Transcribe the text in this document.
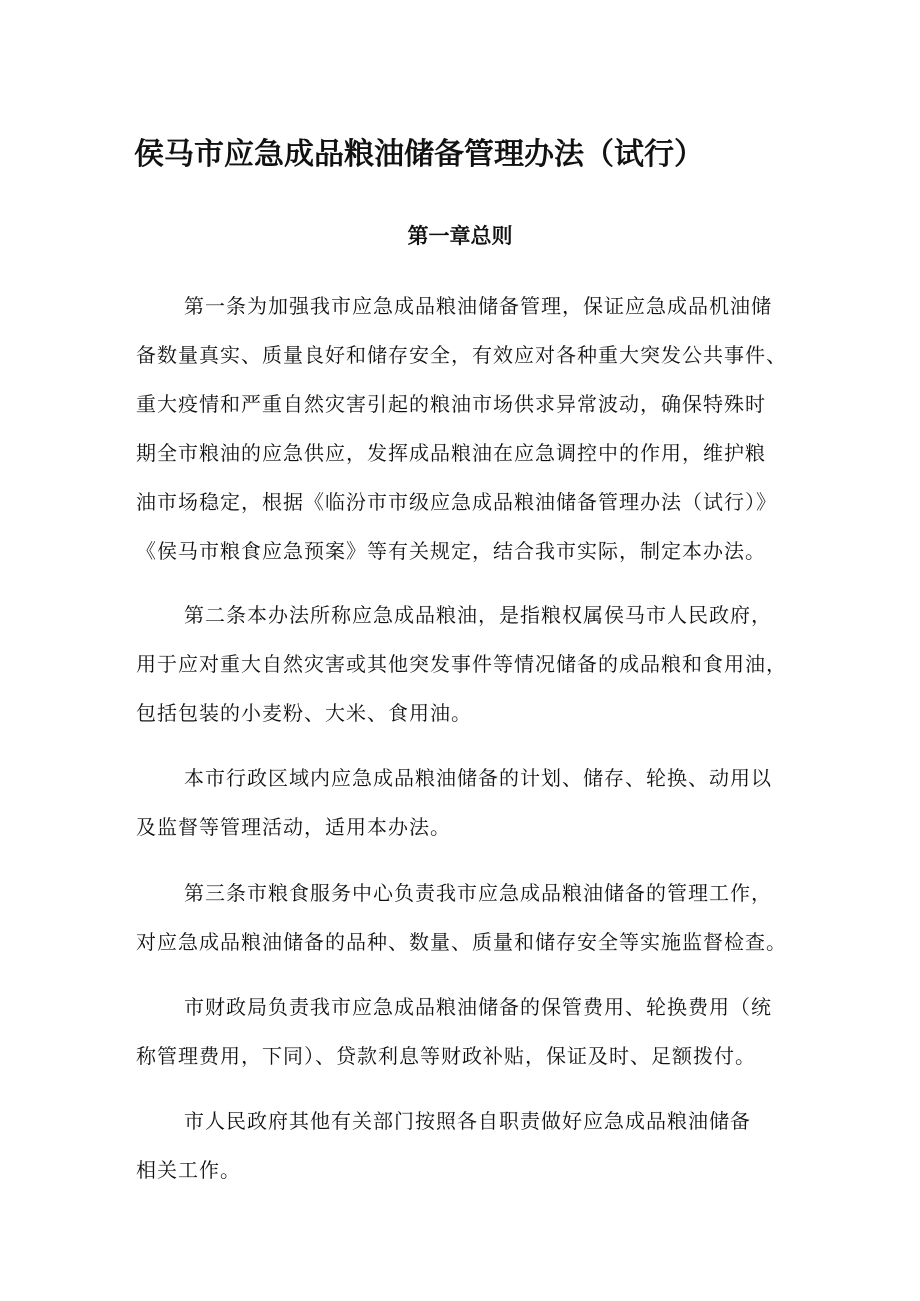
侯马市应急成品粮油储备管理办法（试行）
第一章总则
第一条为加强我市应急成品粮油储备管理，保证应急成品机油储
备数量真实、质量良好和储存安全，有效应对各种重大突发公共事件、
重大疫情和严重自然灾害引起的粮油市场供求异常波动，确保特殊时
期全市粮油的应急供应，发挥成品粮油在应急调控中的作用，维护粮
油市场稳定，根据《临汾市市级应急成品粮油储备管理办法（试行）》
《侯马市粮食应急预案》等有关规定，结合我市实际，制定本办法。
第二条本办法所称应急成品粮油，是指粮权属侯马市人民政府，
用于应对重大自然灾害或其他突发事件等情况储备的成品粮和食用油，
包括包装的小麦粉、大米、食用油。
本市行政区域内应急成品粮油储备的计划、储存、轮换、动用以
及监督等管理活动，适用本办法。
第三条市粮食服务中心负责我市应急成品粮油储备的管理工作，
对应急成品粮油储备的品种、数量、质量和储存安全等实施监督检查。
市财政局负责我市应急成品粮油储备的保管费用、轮换费用（统
称管理费用，下同）、贷款利息等财政补贴，保证及时、足额拨付。
市人民政府其他有关部门按照各自职责做好应急成品粮油储备
相关工作。
